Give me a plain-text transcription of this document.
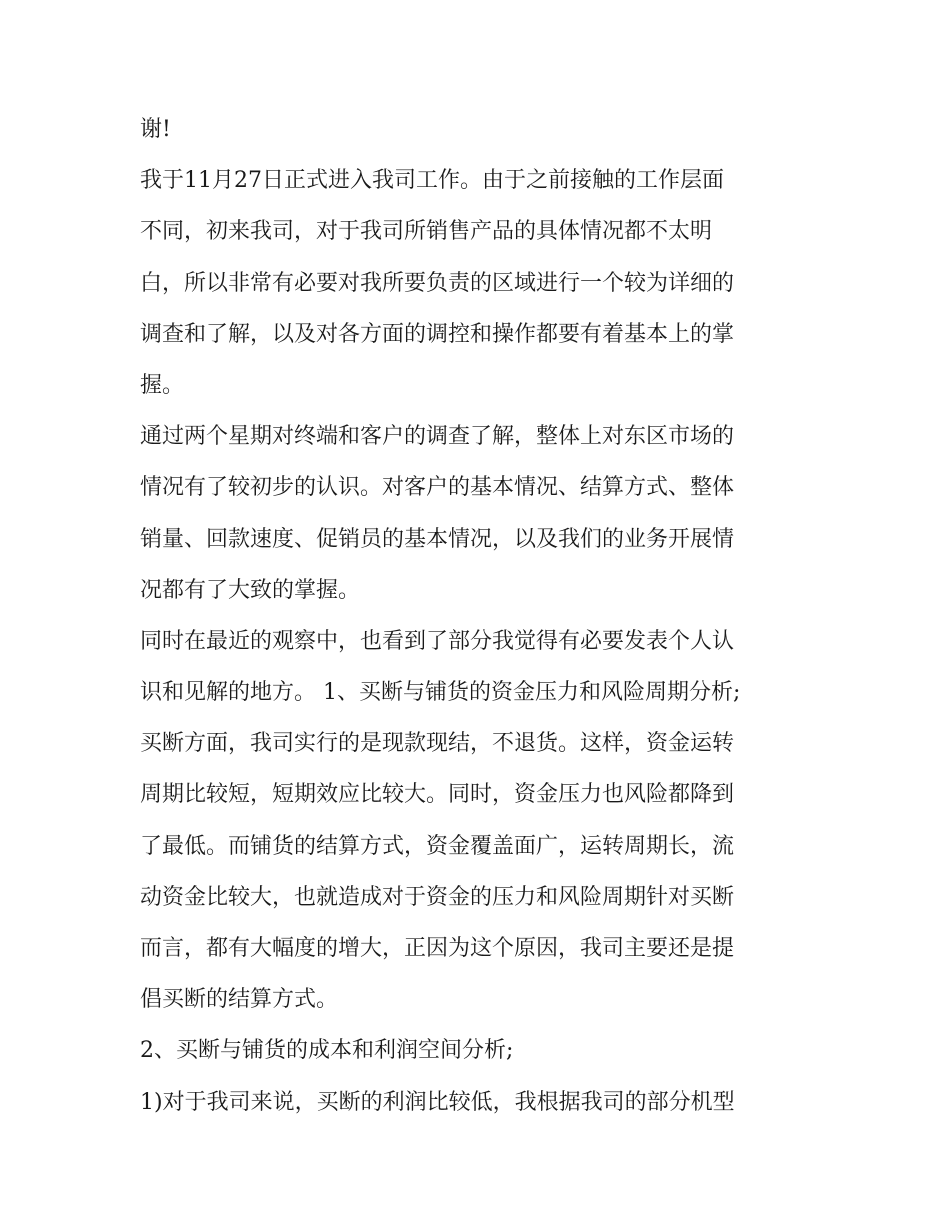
谢!
我于11月27日正式进入我司工作。由于之前接触的工作层面
不同，初来我司，对于我司所销售产品的具体情况都不太明
白，所以非常有必要对我所要负责的区域进行一个较为详细的
调查和了解，以及对各方面的调控和操作都要有着基本上的掌
握。
通过两个星期对终端和客户的调查了解，整体上对东区市场的
情况有了较初步的认识。对客户的基本情况、结算方式、整体
销量、回款速度、促销员的基本情况，以及我们的业务开展情
况都有了大致的掌握。
同时在最近的观察中，也看到了部分我觉得有必要发表个人认
识和见解的地方。 1、买断与铺货的资金压力和风险周期分析;
买断方面，我司实行的是现款现结，不退货。这样，资金运转
周期比较短，短期效应比较大。同时，资金压力也风险都降到
了最低。而铺货的结算方式，资金覆盖面广，运转周期长，流
动资金比较大，也就造成对于资金的压力和风险周期针对买断
而言，都有大幅度的增大，正因为这个原因，我司主要还是提
倡买断的结算方式。
2、买断与铺货的成本和利润空间分析;
1)对于我司来说，买断的利润比较低，我根据我司的部分机型
